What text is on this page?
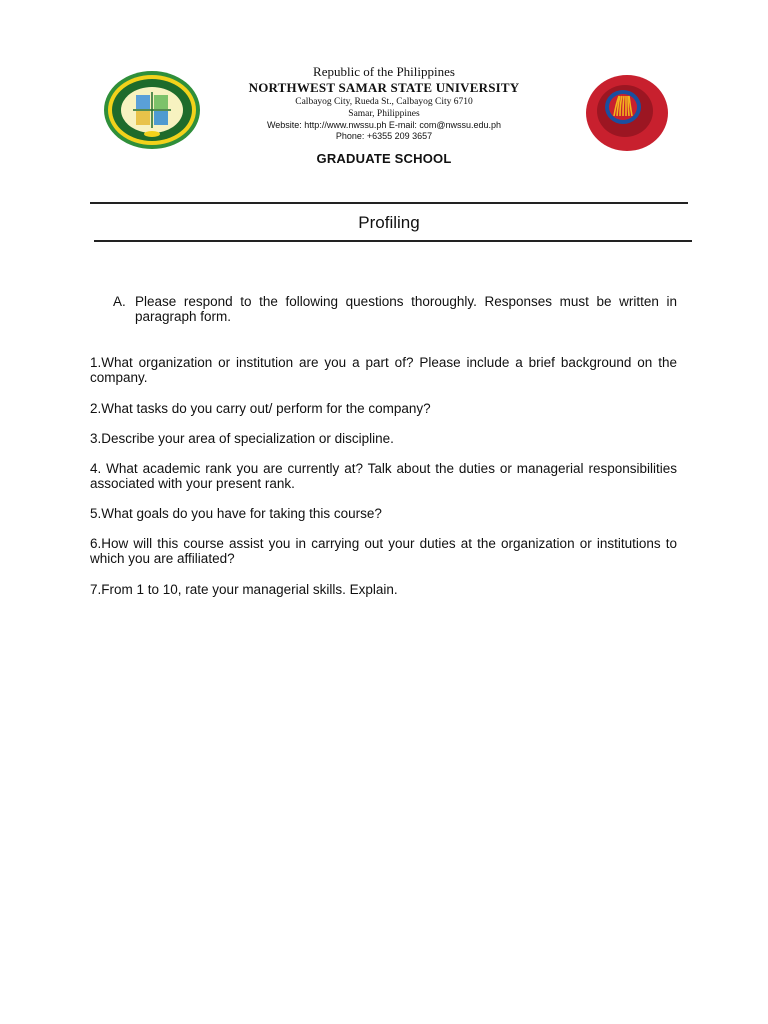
Republic of the Philippines
NORTHWEST SAMAR STATE UNIVERSITY
Calbayog City, Rueda St., Calbayog City 6710
Samar, Philippines
Website: http://www.nwssu.ph E-mail: com@nwssu.edu.ph
Phone: +6355 209 3657
GRADUATE SCHOOL
Profiling
A. Please respond to the following questions thoroughly. Responses must be written in paragraph form.
1.What organization or institution are you a part of? Please include a brief background on the company.
2.What tasks do you carry out/ perform for the company?
3.Describe your area of specialization or discipline.
4. What academic rank you are currently at? Talk about the duties or managerial responsibilities associated with your present rank.
5.What goals do you have for taking this course?
6.How will this course assist you in carrying out your duties at the organization or institutions to which you are affiliated?
7.From 1 to 10, rate your managerial skills. Explain.
